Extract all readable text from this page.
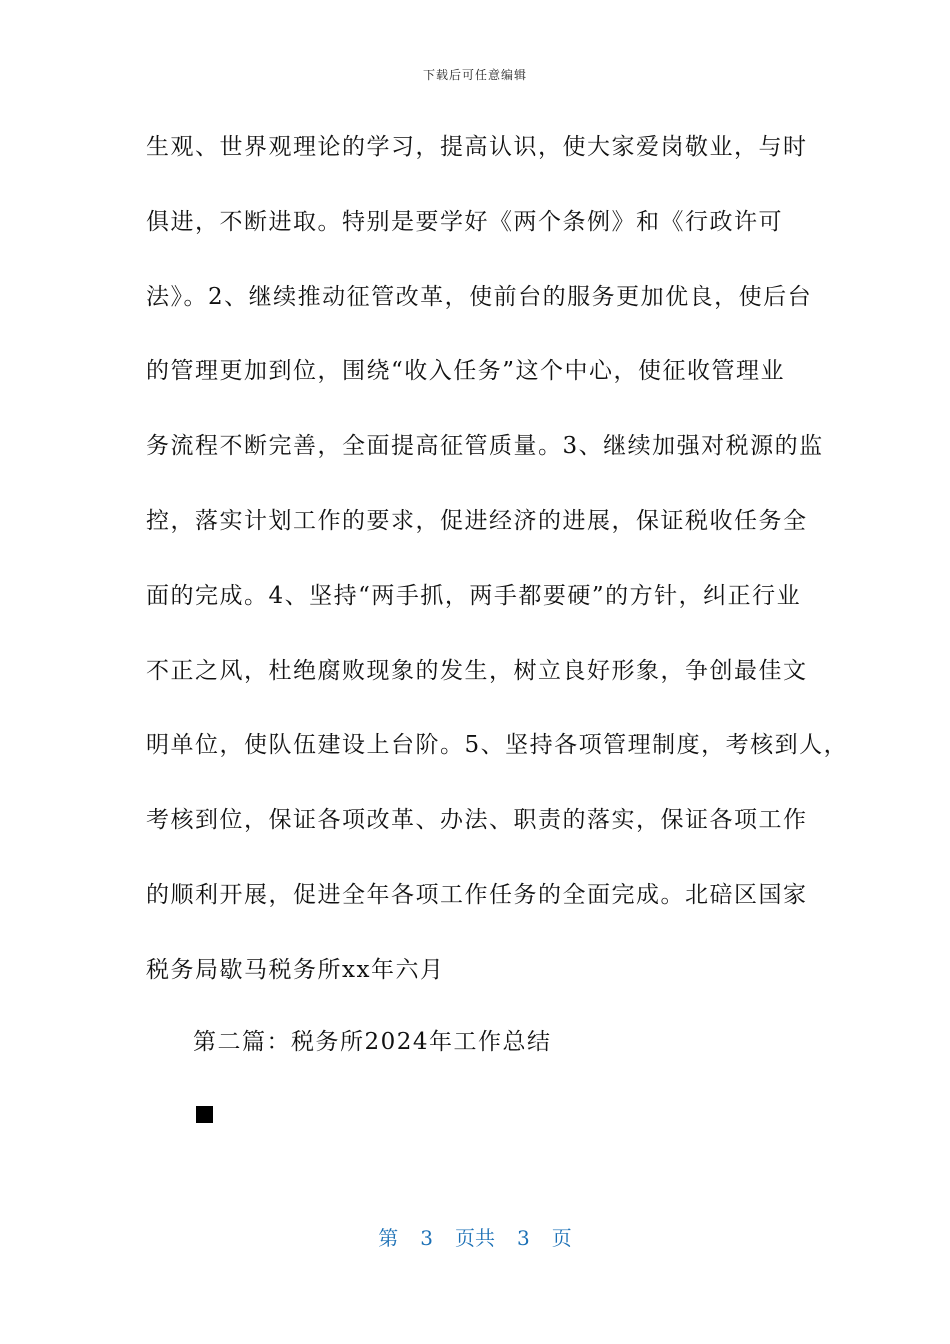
下载后可任意编辑
生观、世界观理论的学习，提高认识，使大家爱岗敬业，与时
俱进，不断进取。特别是要学好《两个条例》和《行政许可
法》。2、继续推动征管改革，使前台的服务更加优良，使后台
的管理更加到位，围绕“收入任务”这个中心，使征收管理业
务流程不断完善，全面提高征管质量。3、继续加强对税源的监
控，落实计划工作的要求，促进经济的进展，保证税收任务全
面的完成。4、坚持“两手抓，两手都要硬”的方针，纠正行业
不正之风，杜绝腐败现象的发生，树立良好形象，争创最佳文
明单位，使队伍建设上台阶。5、坚持各项管理制度，考核到人，
考核到位，保证各项改革、办法、职责的落实，保证各项工作
的顺利开展，促进全年各项工作任务的全面完成。北碚区国家
税务局歇马税务所xx年六月
第二篇：税务所2024年工作总结
第 3 页共 3 页
